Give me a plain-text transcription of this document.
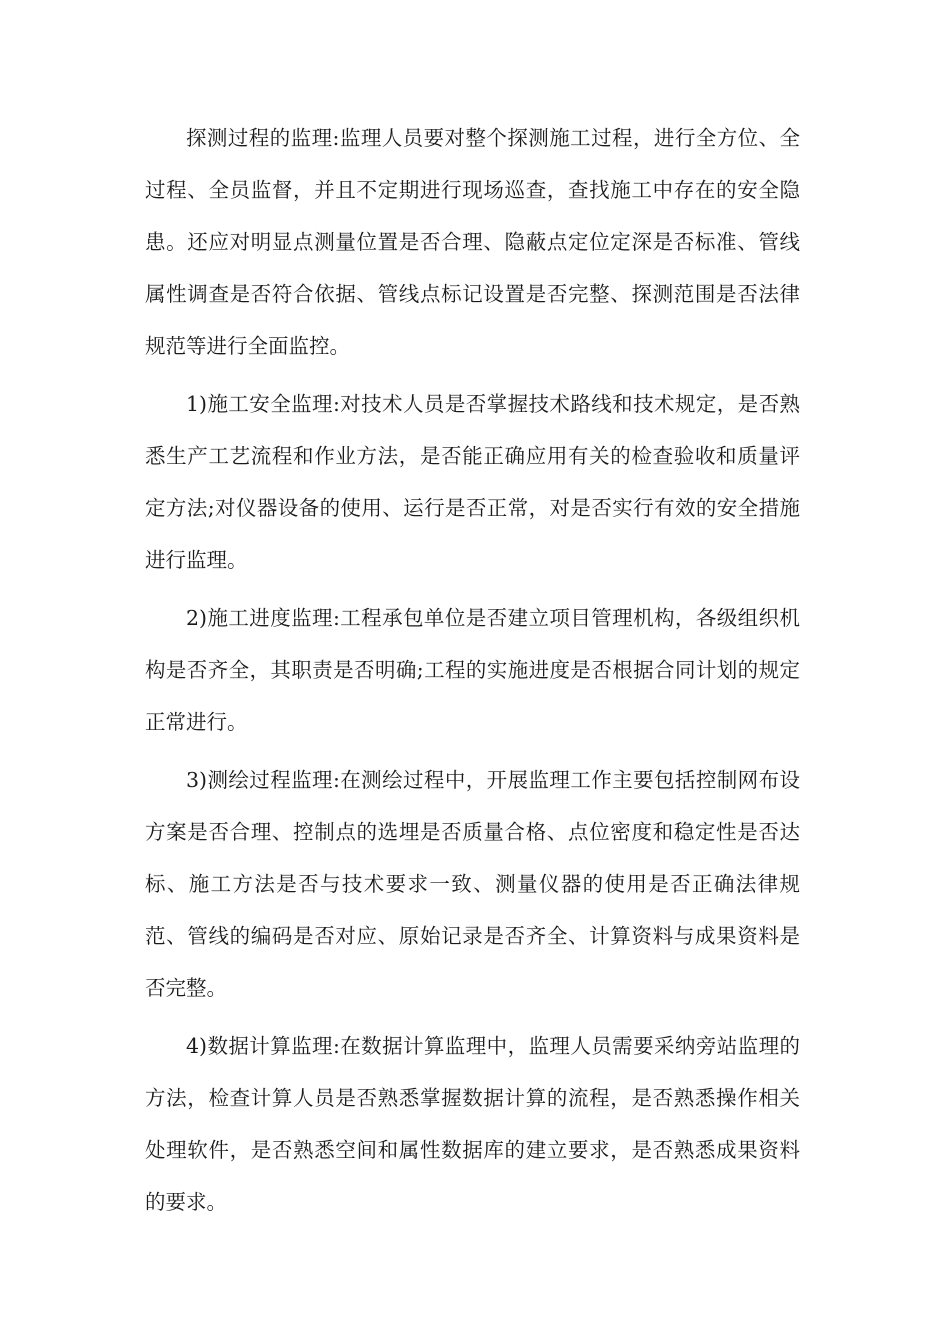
探测过程的监理:监理人员要对整个探测施工过程，进行全方位、全过程、全员监督，并且不定期进行现场巡查，查找施工中存在的安全隐患。还应对明显点测量位置是否合理、隐蔽点定位定深是否标准、管线属性调查是否符合依据、管线点标记设置是否完整、探测范围是否法律规范等进行全面监控。

1)施工安全监理:对技术人员是否掌握技术路线和技术规定，是否熟悉生产工艺流程和作业方法，是否能正确应用有关的检查验收和质量评定方法;对仪器设备的使用、运行是否正常，对是否实行有效的安全措施进行监理。

2)施工进度监理:工程承包单位是否建立项目管理机构，各级组织机构是否齐全，其职责是否明确;工程的实施进度是否根据合同计划的规定正常进行。

3)测绘过程监理:在测绘过程中，开展监理工作主要包括控制网布设方案是否合理、控制点的选埋是否质量合格、点位密度和稳定性是否达标、施工方法是否与技术要求一致、测量仪器的使用是否正确法律规范、管线的编码是否对应、原始记录是否齐全、计算资料与成果资料是否完整。

4)数据计算监理:在数据计算监理中，监理人员需要采纳旁站监理的方法，检查计算人员是否熟悉掌握数据计算的流程，是否熟悉操作相关处理软件，是否熟悉空间和属性数据库的建立要求，是否熟悉成果资料的要求。
